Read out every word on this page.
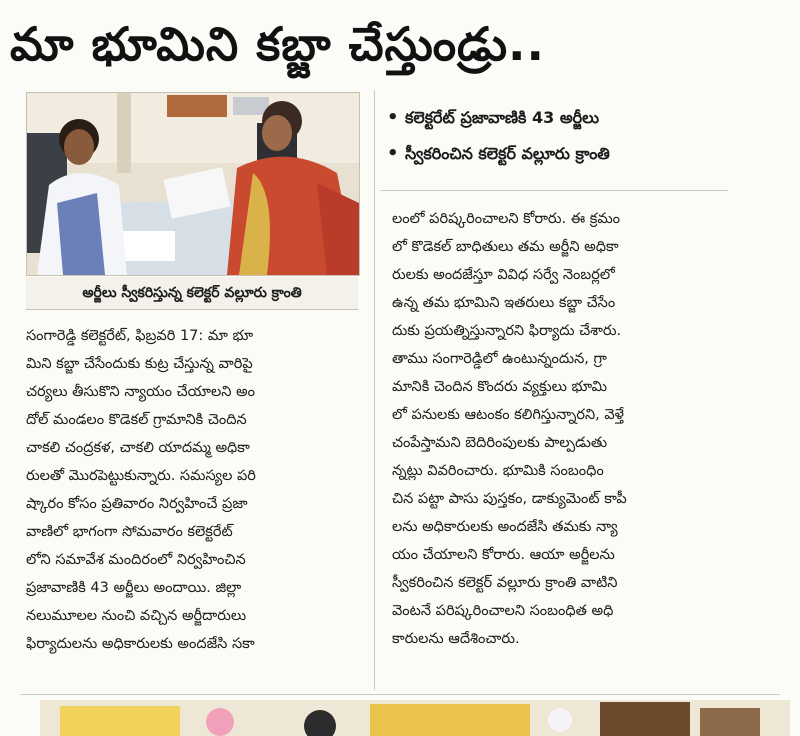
మా భూమిని కబ్జా చేస్తుండ్రు..
అర్జీలు స్వీకరిస్తున్న కలెక్టర్ వల్లూరు క్రాంతి
• కలెక్టరేట్ ప్రజావాణికి 43 అర్జీలు
• స్వీకరించిన కలెక్టర్ వల్లూరు క్రాంతి
సంగారెడ్డి కలెక్టరేట్, ఫిబ్రవరి 17: మా భూ
మిని కబ్జా చేసేందుకు కుట్ర చేస్తున్న వారిపై
చర్యలు తీసుకొని న్యాయం చేయాలని అం
దోల్ మండలం కొడెకల్ గ్రామానికి చెందిన
చాకలి చంద్రకళ, చాకలి యాదమ్మ అధికా
రులతో మొరపెట్టుకున్నారు. సమస్యల పరి
ష్కారం కోసం ప్రతివారం నిర్వహించే ప్రజా
వాణిలో భాగంగా సోమవారం కలెక్టరేట్
లోని సమావేశ మందిరంలో నిర్వహించిన
ప్రజావాణికి 43 అర్జీలు అందాయి. జిల్లా
నలుమూలల నుంచి వచ్చిన అర్జీదారులు
ఫిర్యాదులను అధికారులకు అందజేసి సకా
లంలో పరిష్కరించాలని కోరారు. ఈ క్రమం
లో కొడెకల్ బాధితులు తమ అర్జీని అధికా
రులకు అందజేస్తూ వివిధ సర్వే నెంబర్లలో
ఉన్న తమ భూమిని ఇతరులు కబ్జా చేసేం
దుకు ప్రయత్నిస్తున్నారని ఫిర్యాదు చేశారు.
తాము సంగారెడ్డిలో ఉంటున్నందున, గ్రా
మానికి చెందిన కొందరు వ్యక్తులు భూమి
లో పనులకు ఆటంకం కలిగిస్తున్నారని, వెళ్తే
చంపేస్తామని బెదిరింపులకు పాల్పడుతు
న్నట్లు వివరించారు. భూమికి సంబంధిం
చిన పట్టా పాసు పుస్తకం, డాక్యుమెంట్ కాపీ
లను అధికారులకు అందజేసి తమకు న్యా
యం చేయాలని కోరారు. ఆయా అర్జీలను
స్వీకరించిన కలెక్టర్ వల్లూరు క్రాంతి వాటిని
వెంటనే పరిష్కరించాలని సంబంధిత అధి
కారులను ఆదేశించారు.
